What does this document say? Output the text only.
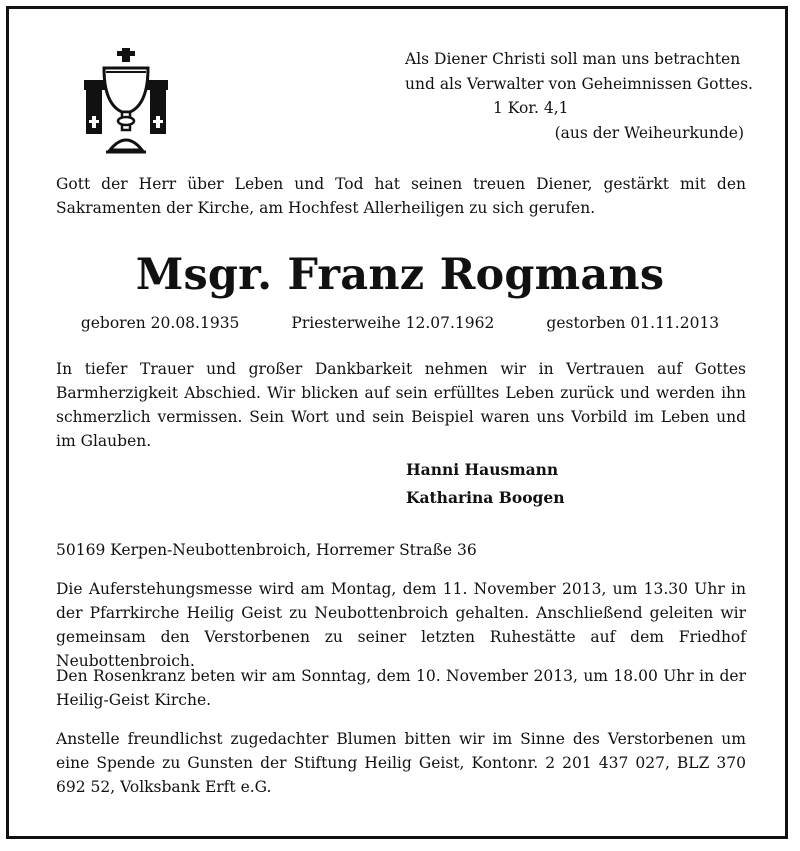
Als Diener Christi soll man uns betrachten
und als Verwalter von Geheimnissen Gottes.
1 Kor. 4,1
(aus der Weiheurkunde)
Gott der Herr über Leben und Tod hat seinen treuen Diener, gestärkt mit den Sakramenten der Kirche, am Hochfest Allerheiligen zu sich gerufen.
Msgr. Franz Rogmans
geboren 20.08.1935	Priesterweihe 12.07.1962	gestorben 01.11.2013
In tiefer Trauer und großer Dankbarkeit nehmen wir in Vertrauen auf Gottes Barmherzigkeit Abschied. Wir blicken auf sein erfülltes Leben zurück und werden ihn schmerzlich vermissen. Sein Wort und sein Beispiel waren uns Vorbild im Leben und im Glauben.
Hanni Hausmann
Katharina Boogen
50169 Kerpen-Neubottenbroich, Horremer Straße 36
Die Auferstehungsmesse wird am Montag, dem 11. November 2013, um 13.30 Uhr in der Pfarrkirche Heilig Geist zu Neubottenbroich gehalten. Anschließend geleiten wir gemeinsam den Verstorbenen zu seiner letzten Ruhestätte auf dem Friedhof Neubottenbroich.
Den Rosenkranz beten wir am Sonntag, dem 10. November 2013, um 18.00 Uhr in der Heilig-Geist Kirche.
Anstelle freundlichst zugedachter Blumen bitten wir im Sinne des Verstorbenen um eine Spende zu Gunsten der Stiftung Heilig Geist, Kontonr. 2 201 437 027, BLZ 370 692 52, Volksbank Erft e.G.
